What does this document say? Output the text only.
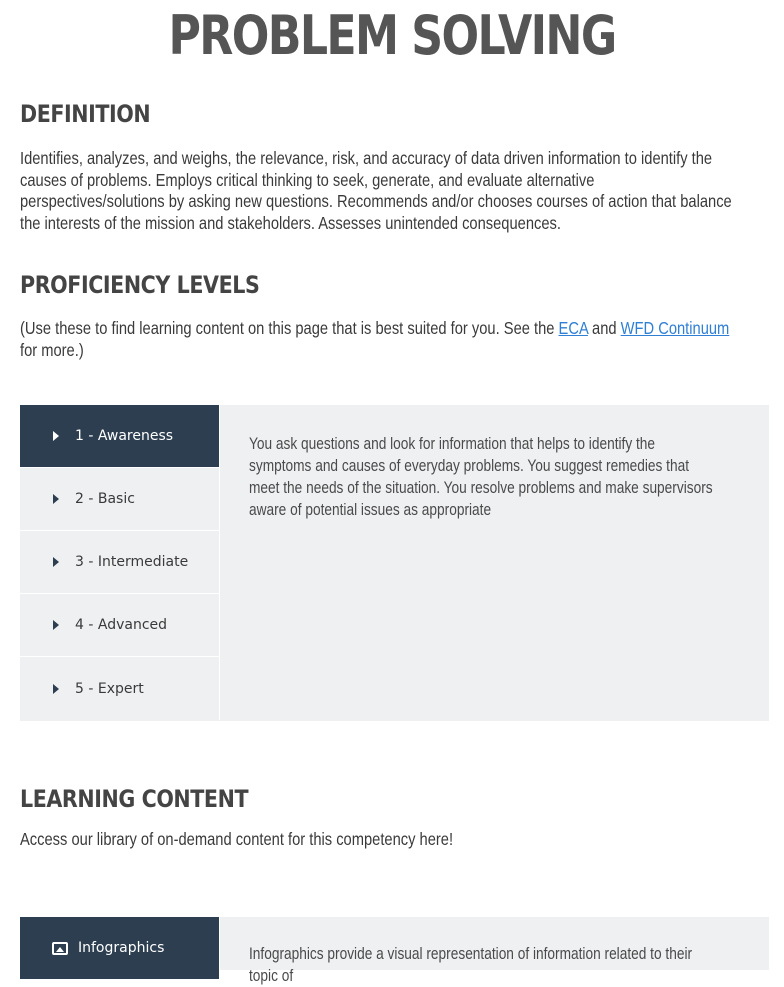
PROBLEM SOLVING
DEFINITION

Identifies, analyzes, and weighs, the relevance, risk, and accuracy of data driven information to identify the causes of problems. Employs critical thinking to seek, generate, and evaluate alternative perspectives/solutions by asking new questions. Recommends and/or chooses courses of action that balance the interests of the mission and stakeholders. Assesses unintended consequences.

PROFICIENCY LEVELS

(Use these to find learning content on this page that is best suited for you. See the ECA and WFD Continuum for more.)

1 - Awareness
2 - Basic
3 - Intermediate
4 - Advanced
5 - Expert
You ask questions and look for information that helps to identify the symptoms and causes of everyday problems. You suggest remedies that meet the needs of the situation. You resolve problems and make supervisors aware of potential issues as appropriate
LEARNING CONTENT

Access our library of on-demand content for this competency here!

Infographics	Infographics provide a visual representation of information related to their topic of
